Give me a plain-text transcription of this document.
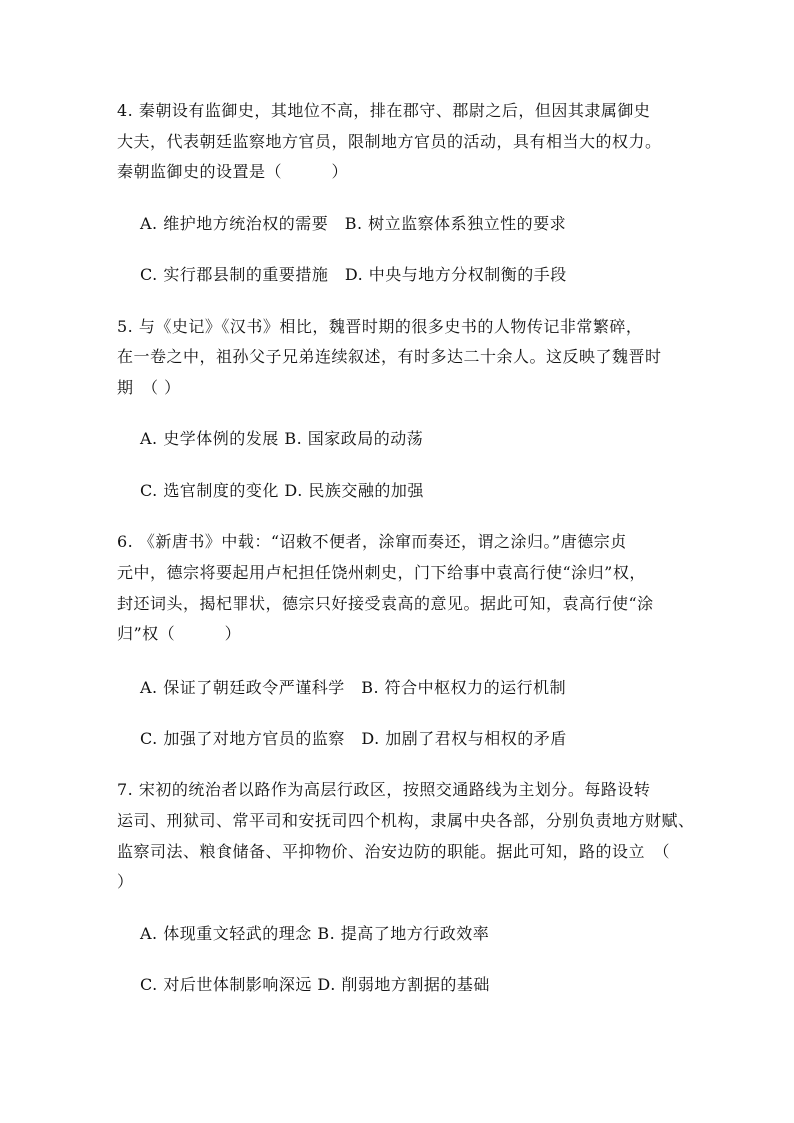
4. 秦朝设有监御史，其地位不高，排在郡守、郡尉之后，但因其隶属御史
大夫，代表朝廷监察地方官员，限制地方官员的活动，具有相当大的权力。
秦朝监御史的设置是（　　　）
A. 维护地方统治权的需要　B. 树立监察体系独立性的要求
C. 实行郡县制的重要措施　D. 中央与地方分权制衡的手段
5. 与《史记》《汉书》相比，魏晋时期的很多史书的人物传记非常繁碎，
在一卷之中，祖孙父子兄弟连续叙述，有时多达二十余人。这反映了魏晋时
期　（ ）
A. 史学体例的发展 B. 国家政局的动荡
C. 选官制度的变化 D. 民族交融的加强
6. 《新唐书》中载：“诏敕不便者，涂窜而奏还，谓之涂归。”唐德宗贞
元中，德宗将要起用卢杞担任饶州刺史，门下给事中袁高行使“涂归”权，
封还词头，揭杞罪状，德宗只好接受袁高的意见。据此可知，袁高行使“涂
归”权（　　　）
A. 保证了朝廷政令严谨科学　B. 符合中枢权力的运行机制
C. 加强了对地方官员的监察　D. 加剧了君权与相权的矛盾
7. 宋初的统治者以路作为高层行政区，按照交通路线为主划分。每路设转
运司、刑狱司、常平司和安抚司四个机构，隶属中央各部，分别负责地方财赋、
监察司法、粮食储备、平抑物价、治安边防的职能。据此可知，路的设立　（
）
A. 体现重文轻武的理念 B. 提高了地方行政效率
C. 对后世体制影响深远 D. 削弱地方割据的基础
